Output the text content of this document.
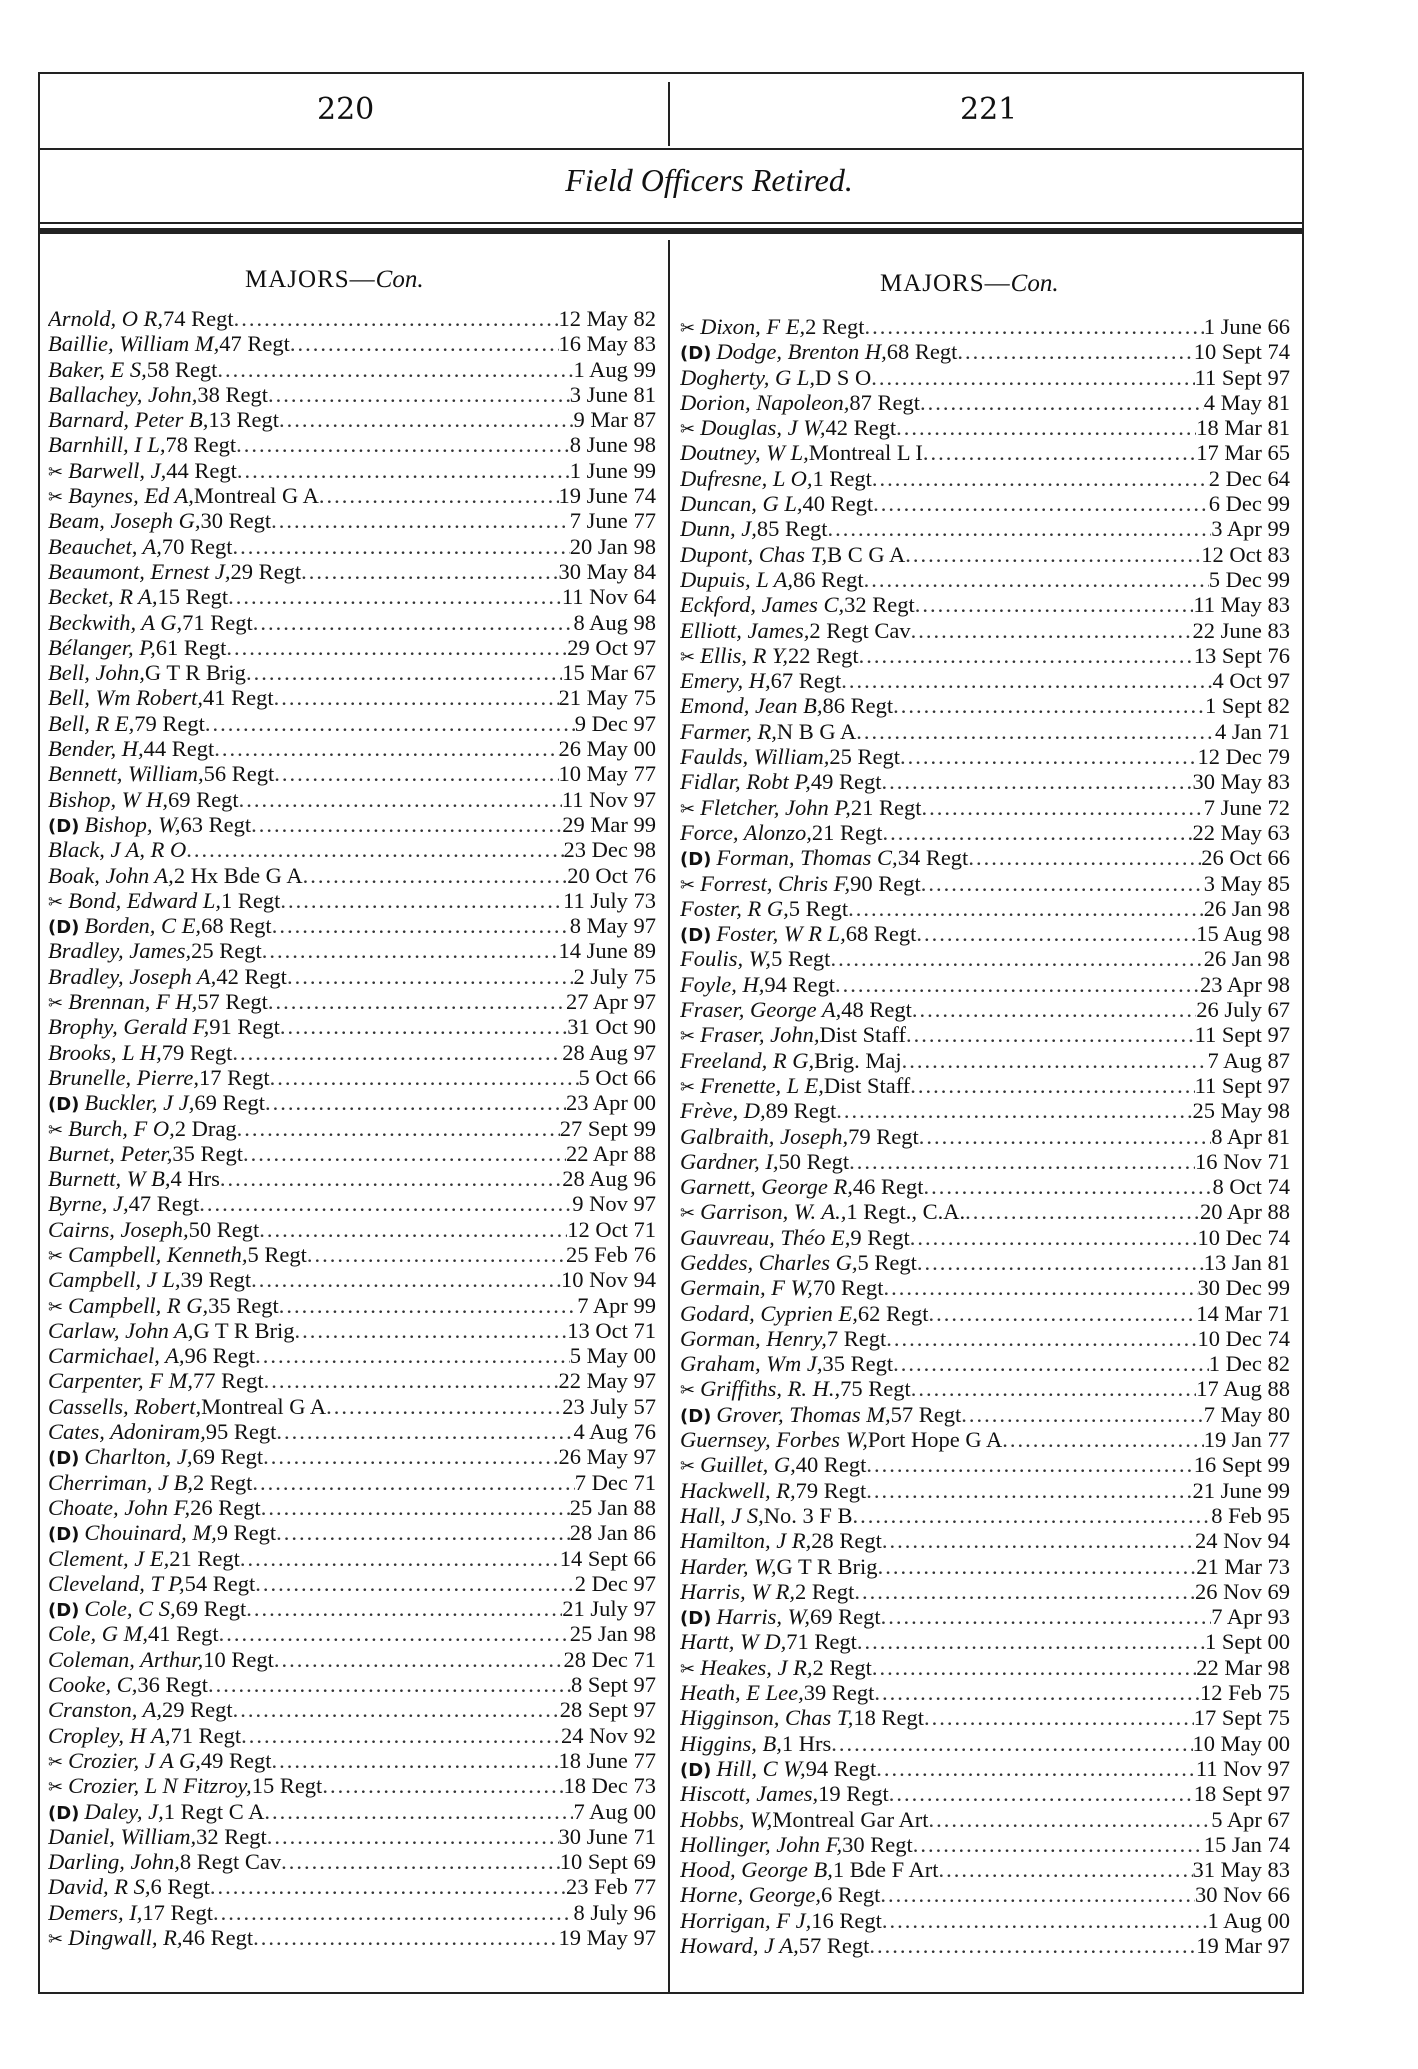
220	221
Field Officers Retired.
MAJORS—Con.	MAJORS—Con.
Arnold, O R, 74 Regt .....	12 May 82
Baillie, William M, 47 Regt .....	16 May 83
Baker, E S, 58 Regt .....	1 Aug 99
Ballachey, John, 38 Regt .....	3 June 81
Barnard, Peter B, 13 Regt .....	9 Mar 87
Barnhill, I L, 78 Regt .....	8 June 98
✂ Barwell, J, 44 Regt .....	1 June 99
✂ Baynes, Ed A, Montreal G A .....	19 June 74
Beam, Joseph G, 30 Regt .....	7 June 77
Beauchet, A, 70 Regt .....	20 Jan 98
Beaumont, Ernest J, 29 Regt .....	30 May 84
Becket, R A, 15 Regt .....	11 Nov 64
Beckwith, A G, 71 Regt .....	8 Aug 98
Bélanger, P, 61 Regt .....	29 Oct 97
Bell, John, G T R Brig .....	15 Mar 67
Bell, Wm Robert, 41 Regt .....	21 May 75
Bell, R E, 79 Regt .....	9 Dec 97
Bender, H, 44 Regt .....	26 May 00
Bennett, William, 56 Regt .....	10 May 77
Bishop, W H, 69 Regt .....	11 Nov 97
(D) Bishop, W, 63 Regt .....	29 Mar 99
Black, J A, R O .....	23 Dec 98
Boak, John A, 2 Hx Bde G A .....	20 Oct 76
✂ Bond, Edward L, 1 Regt .....	11 July 73
(D) Borden, C E, 68 Regt .....	8 May 97
Bradley, James, 25 Regt .....	14 June 89
Bradley, Joseph A, 42 Regt .....	2 July 75
✂ Brennan, F H, 57 Regt .....	27 Apr 97
Brophy, Gerald F, 91 Regt .....	31 Oct 90
Brooks, L H, 79 Regt .....	28 Aug 97
Brunelle, Pierre, 17 Regt .....	5 Oct 66
(D) Buckler, J J, 69 Regt .....	23 Apr 00
✂ Burch, F O, 2 Drag .....	27 Sept 99
Burnet, Peter, 35 Regt .....	22 Apr 88
Burnett, W B, 4 Hrs .....	28 Aug 96
Byrne, J, 47 Regt .....	9 Nov 97
Cairns, Joseph, 50 Regt .....	12 Oct 71
✂ Campbell, Kenneth, 5 Regt .....	25 Feb 76
Campbell, J L, 39 Regt .....	10 Nov 94
✂ Campbell, R G, 35 Regt .....	7 Apr 99
Carlaw, John A, G T R Brig .....	13 Oct 71
Carmichael, A, 96 Regt .....	5 May 00
Carpenter, F M, 77 Regt .....	22 May 97
Cassells, Robert, Montreal G A .....	23 July 57
Cates, Adoniram, 95 Regt .....	4 Aug 76
(D) Charlton, J, 69 Regt .....	26 May 97
Cherriman, J B, 2 Regt .....	7 Dec 71
Choate, John F, 26 Regt .....	25 Jan 88
(D) Chouinard, M, 9 Regt .....	28 Jan 86
Clement, J E, 21 Regt .....	14 Sept 66
Cleveland, T P, 54 Regt .....	2 Dec 97
(D) Cole, C S, 69 Regt .....	21 July 97
Cole, G M, 41 Regt .....	25 Jan 98
Coleman, Arthur, 10 Regt .....	28 Dec 71
Cooke, C, 36 Regt .....	8 Sept 97
Cranston, A, 29 Regt .....	28 Sept 97
Cropley, H A, 71 Regt .....	24 Nov 92
✂ Crozier, J A G, 49 Regt .....	18 June 77
✂ Crozier, L N Fitzroy, 15 Regt .....	18 Dec 73
(D) Daley, J, 1 Regt C A .....	7 Aug 00
Daniel, William, 32 Regt .....	30 June 71
Darling, John, 8 Regt Cav .....	10 Sept 69
David, R S, 6 Regt .....	23 Feb 77
Demers, I, 17 Regt .....	8 July 96
✂ Dingwall, R, 46 Regt .....	19 May 97
✂ Dixon, F E, 2 Regt .....	1 June 66
(D) Dodge, Brenton H, 68 Regt .....	10 Sept 74
Dogherty, G L, D S O .....	11 Sept 97
Dorion, Napoleon, 87 Regt .....	4 May 81
✂ Douglas, J W, 42 Regt .....	18 Mar 81
Doutney, W L, Montreal L I .....	17 Mar 65
Dufresne, L O, 1 Regt .....	2 Dec 64
Duncan, G L, 40 Regt .....	6 Dec 99
Dunn, J, 85 Regt .....	3 Apr 99
Dupont, Chas T, B C G A .....	12 Oct 83
Dupuis, L A, 86 Regt .....	5 Dec 99
Eckford, James C, 32 Regt .....	11 May 83
Elliott, James, 2 Regt Cav .....	22 June 83
✂ Ellis, R Y, 22 Regt .....	13 Sept 76
Emery, H, 67 Regt .....	4 Oct 97
Emond, Jean B, 86 Regt .....	1 Sept 82
Farmer, R, N B G A .....	4 Jan 71
Faulds, William, 25 Regt .....	12 Dec 79
Fidlar, Robt P, 49 Regt .....	30 May 83
✂ Fletcher, John P, 21 Regt .....	7 June 72
Force, Alonzo, 21 Regt .....	22 May 63
(D) Forman, Thomas C, 34 Regt .....	26 Oct 66
✂ Forrest, Chris F, 90 Regt .....	3 May 85
Foster, R G, 5 Regt .....	26 Jan 98
(D) Foster, W R L, 68 Regt .....	15 Aug 98
Foulis, W, 5 Regt .....	26 Jan 98
Foyle, H, 94 Regt .....	23 Apr 98
Fraser, George A, 48 Regt .....	26 July 67
✂ Fraser, John, Dist Staff .....	11 Sept 97
Freeland, R G, Brig. Maj .....	7 Aug 87
✂ Frenette, L E, Dist Staff .....	11 Sept 97
Frève, D, 89 Regt .....	25 May 98
Galbraith, Joseph, 79 Regt .....	8 Apr 81
Gardner, I, 50 Regt .....	16 Nov 71
Garnett, George R, 46 Regt .....	8 Oct 74
✂ Garrison, W. A., 1 Regt., C.A. .....	20 Apr 88
Gauvreau, Théo E, 9 Regt .....	10 Dec 74
Geddes, Charles G, 5 Regt .....	13 Jan 81
Germain, F W, 70 Regt .....	30 Dec 99
Godard, Cyprien E, 62 Regt .....	14 Mar 71
Gorman, Henry, 7 Regt .....	10 Dec 74
Graham, Wm J, 35 Regt .....	1 Dec 82
✂ Griffiths, R. H., 75 Regt .....	17 Aug 88
(D) Grover, Thomas M, 57 Regt .....	7 May 80
Guernsey, Forbes W, Port Hope G A .....	19 Jan 77
✂ Guillet, G, 40 Regt .....	16 Sept 99
Hackwell, R, 79 Regt .....	21 June 99
Hall, J S, No. 3 F B .....	8 Feb 95
Hamilton, J R, 28 Regt .....	24 Nov 94
Harder, W, G T R Brig .....	21 Mar 73
Harris, W R, 2 Regt .....	26 Nov 69
(D) Harris, W, 69 Regt .....	7 Apr 93
Hartt, W D, 71 Regt .....	1 Sept 00
✂ Heakes, J R, 2 Regt .....	22 Mar 98
Heath, E Lee, 39 Regt .....	12 Feb 75
Higginson, Chas T, 18 Regt .....	17 Sept 75
Higgins, B, 1 Hrs .....	10 May 00
(D) Hill, C W, 94 Regt .....	11 Nov 97
Hiscott, James, 19 Regt .....	18 Sept 97
Hobbs, W, Montreal Gar Art .....	5 Apr 67
Hollinger, John F, 30 Regt .....	15 Jan 74
Hood, George B, 1 Bde F Art .....	31 May 83
Horne, George, 6 Regt .....	30 Nov 66
Horrigan, F J, 16 Regt .....	1 Aug 00
Howard, J A, 57 Regt .....	19 Mar 97
